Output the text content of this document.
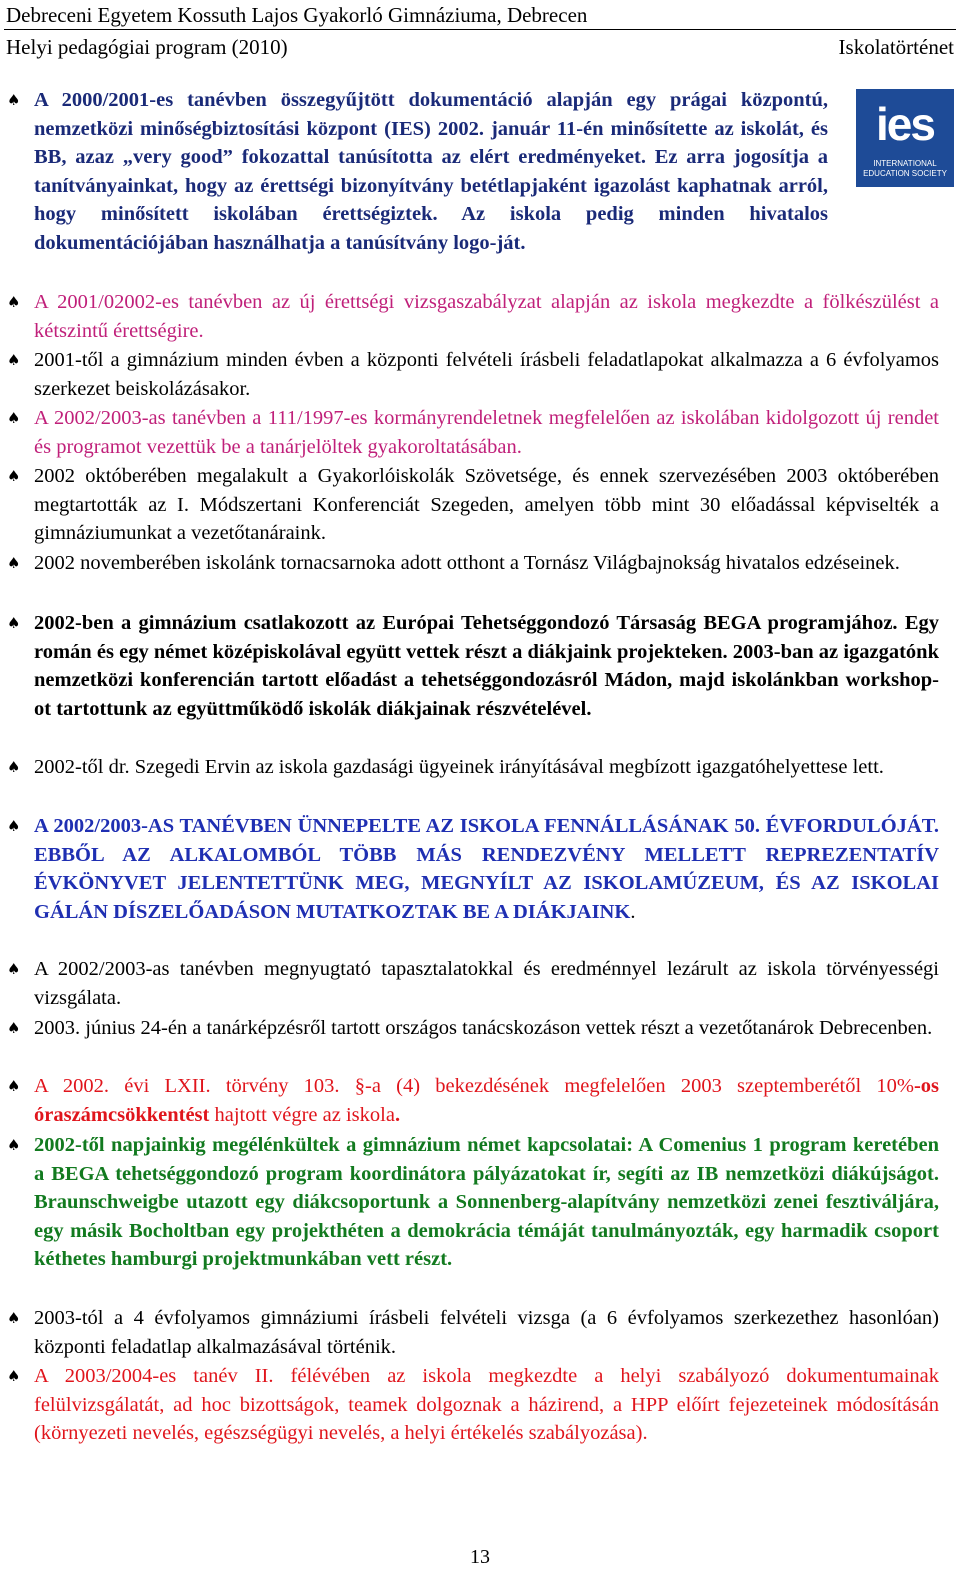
Debreceni Egyetem Kossuth Lajos Gyakorló Gimnáziuma, Debrecen
Helyi pedagógiai program (2010)	Iskolatörténet
ies
INTERNATIONAL EDUCATION SOCIETY
♠ A 2000/2001-es tanévben összegyűjtött dokumentáció alapján egy prágai központú, nemzetközi minőségbiztosítási központ (IES) 2002. január 11-én minősítette az iskolát, és BB, azaz „very good” fokozattal tanúsította az elért eredményeket. Ez arra jogosítja a tanítványainkat, hogy az érettségi bizonyítvány betétlapjaként igazolást kaphatnak arról, hogy minősített iskolában érettségiztek. Az iskola pedig minden hivatalos dokumentációjában használhatja a tanúsítvány logo-ját.
♠ A 2001/02002-es tanévben az új érettségi vizsgaszabályzat alapján az iskola megkezdte a fölkészülést a kétszintű érettségire.
♠ 2001-től a gimnázium minden évben a központi felvételi írásbeli feladatlapokat alkalmazza a 6 évfolyamos szerkezet beiskolázásakor.
♠ A 2002/2003-as tanévben a 111/1997-es kormányrendeletnek megfelelően az iskolában kidolgozott új rendet és programot vezettük be a tanárjelöltek gyakoroltatásában.
♠ 2002 októberében megalakult a Gyakorlóiskolák Szövetsége, és ennek szervezésében 2003 októberében megtartották az I. Módszertani Konferenciát Szegeden, amelyen több mint 30 előadással képviselték a gimnáziumunkat a vezetőtanáraink.
♠ 2002 novemberében iskolánk tornacsarnoka adott otthont a Tornász Világbajnokság hivatalos edzéseinek.
♠ 2002-ben a gimnázium csatlakozott az Európai Tehetséggondozó Társaság BEGA programjához. Egy román és egy német középiskolával együtt vettek részt a diákjaink projekteken. 2003-ban az igazgatónk nemzetközi konferencián tartott előadást a tehetséggondozásról Mádon, majd iskolánkban workshop-ot tartottunk az együttműködő iskolák diákjainak részvételével.
♠ 2002-től dr. Szegedi Ervin az iskola gazdasági ügyeinek irányításával megbízott igazgatóhelyettese lett.
♠ A 2002/2003-AS TANÉVBEN ÜNNEPELTE AZ ISKOLA FENNÁLLÁSÁNAK 50. ÉVFORDULÓJÁT. EBBŐL AZ ALKALOMBÓL TÖBB MÁS RENDEZVÉNY MELLETT REPREZENTATÍV ÉVKÖNYVET JELENTETTÜNK MEG, MEGNYÍLT AZ ISKOLAMÚZEUM, ÉS AZ ISKOLAI GÁLÁN DÍSZELŐADÁSON MUTATKOZTAK BE A DIÁKJAINK.
♠ A 2002/2003-as tanévben megnyugtató tapasztalatokkal és eredménnyel lezárult az iskola törvényességi vizsgálata.
♠ 2003. június 24-én a tanárképzésről tartott országos tanácskozáson vettek részt a vezetőtanárok Debrecenben.
♠ A 2002. évi LXII. törvény 103. §-a (4) bekezdésének megfelelően 2003 szeptemberétől 10%-os óraszámcsökkentést hajtott végre az iskola.
♠ 2002-től napjainkig megélénkültek a gimnázium német kapcsolatai: A Comenius 1 program keretében a BEGA tehetséggondozó program koordinátora pályázatokat ír, segíti az IB nemzetközi diákújságot. Braunschweigbe utazott egy diákcsoportunk a Sonnenberg-alapítvány nemzetközi zenei fesztiváljára, egy másik Bocholtban egy projekthéten a demokrácia témáját tanulmányozták, egy harmadik csoport kéthetes hamburgi projektmunkában vett részt.
♠ 2003-tól a 4 évfolyamos gimnáziumi írásbeli felvételi vizsga (a 6 évfolyamos szerkezethez hasonlóan) központi feladatlap alkalmazásával történik.
♠ A 2003/2004-es tanév II. félévében az iskola megkezdte a helyi szabályozó dokumentumainak felülvizsgálatát, ad hoc bizottságok, teamek dolgoznak a házirend, a HPP előírt fejezeteinek módosításán (környezeti nevelés, egészségügyi nevelés, a helyi értékelés szabályozása).
13
